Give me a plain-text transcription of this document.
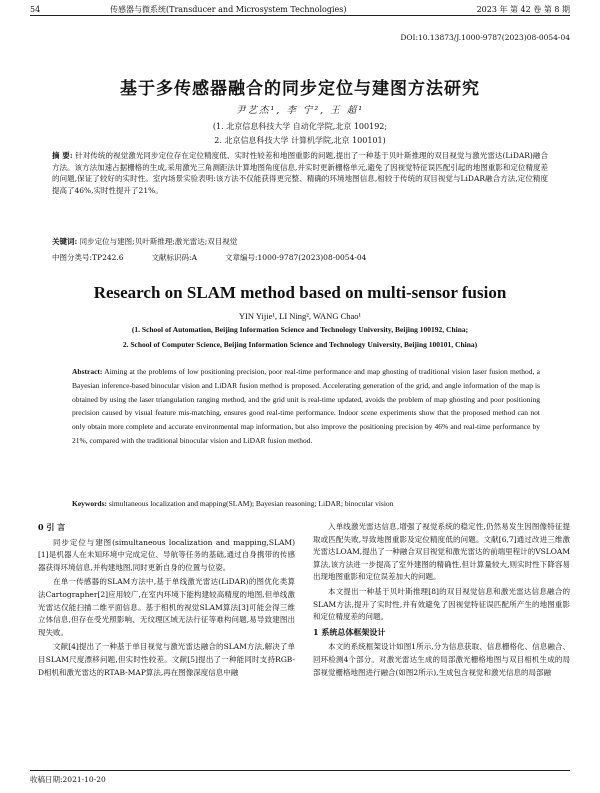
54	传感器与微系统(Transducer and Microsystem Technologies)	2023 年 第 42 卷 第 8 期
DOI:10.13873/J.1000-9787(2023)08-0054-04
基于多传感器融合的同步定位与建图方法研究
尹艺杰¹, 李 宁², 王 超¹
(1. 北京信息科技大学 自动化学院,北京 100192;
2. 北京信息科技大学 计算机学院,北京 100101)

摘 要: 针对传统的视觉激光同步定位存在定位精度低、实时性较差和地图重影的问题,提出了一种基于贝叶斯推理的双目视觉与激光雷达(LiDAR)融合方法。该方法加速占据栅格的生成,采用激光三角测距法计算地图角度信息,并实时更新栅格单元,避免了因视觉特征误匹配引起的地图重影和定位精度差的问题,保证了较好的实时性。室内场景实验表明:该方法不仅能获得更完整、精确的环境地图信息,相较于传统的双目视觉与LiDAR融合方法,定位精度提高了46%,实时性提升了21%。

关键词: 同步定位与建图;贝叶斯推理;激光雷达;双目视觉

中图分类号:TP242.6	文献标识码:A	文章编号:1000-9787(2023)08-0054-04
Research on SLAM method based on multi-sensor fusion
YIN Yijie¹, LI Ning², WANG Chao¹
(1. School of Automation, Beijing Information Science and Technology University, Beijing 100192, China;
2. School of Computer Science, Beijing Information Science and Technology University, Beijing 100101, China)

Abstract: Aiming at the problems of low positioning precision, poor real-time performance and map ghosting of traditional vision laser fusion method, a Bayesian inference-based binocular vision and LiDAR fusion method is proposed. Accelerating generation of the grid, and angle information of the map is obtained by using the laser triangulation ranging method, and the grid unit is real-time updated, avoids the problem of map ghosting and poor positioning precision caused by visual feature mis-matching, ensures good real-time performance. Indoor scene experiments show that the proposed method can not only obtain more complete and accurate environmental map information, but also improve the positioning precision by 46% and real-time performance by 21%, compared with the traditional binocular vision and LiDAR fusion method.

Keywords: simultaneous localization and mapping(SLAM); Bayesian reasoning; LiDAR; binocular vision

0 引 言

同步定位与建图(simultaneous localization and mapping,SLAM)[1]是机器人在未知环境中完成定位、导航等任务的基础,通过自身携带的传感器获得环境信息,并构建地图,同时更新自身的位置与位姿。

在单一传感器的SLAM方法中,基于单线激光雷达(LiDAR)的图优化类算法Cartographer[2]应用较广,在室内环境下能构建较高精度的地图,但单线激光雷达仅能扫描二维平面信息。基于相机的视觉SLAM算法[3]可能会得三维立体信息,但存在受光照影响、无纹理区域无法行征等难构问题,易导致建图出现失败。

文献[4]提出了一种基于单目视觉与激光雷达融合的SLAM方法,解决了单目SLAM尺度漂移问题,但实时性较差。文献[5]提出了一种能同时支持RGB-D相机和激光雷达的RTAB-MAP算法,再在图像深度信息中融

入单线激光雷达信息,增强了视觉系统的稳定性,仍然易发生因图像特征提取或匹配失败,导致地图重影及定位精度低的问题。文献[6,7]通过改进三维激光雷达LOAM,提出了一种融合双目视觉和激光雷达的前端里程计的VSLOAM算法,该方法进一步提高了室外建图的精确性,但计算量较大,则实时性下降容易出现地图重影和定位误差加大的问题。

本文提出一种基于贝叶斯推理[8]的双目视觉信息和激光雷达信息融合的SLAM方法,提升了实时性,并有效避免了因视觉特征误匹配所产生的地图重影和定位精度差的问题。

1 系统总体框架设计

本文的系统框架设计如图1所示,分为信息获取、信息栅格化、信息融合、回环检测4个部分。对激光雷达生成的局部激光栅格地图与双目相机生成的局部视觉栅格地图进行融合(如图2所示),生成包含视觉和激光信息的局部融

收稿日期:2021-10-20
